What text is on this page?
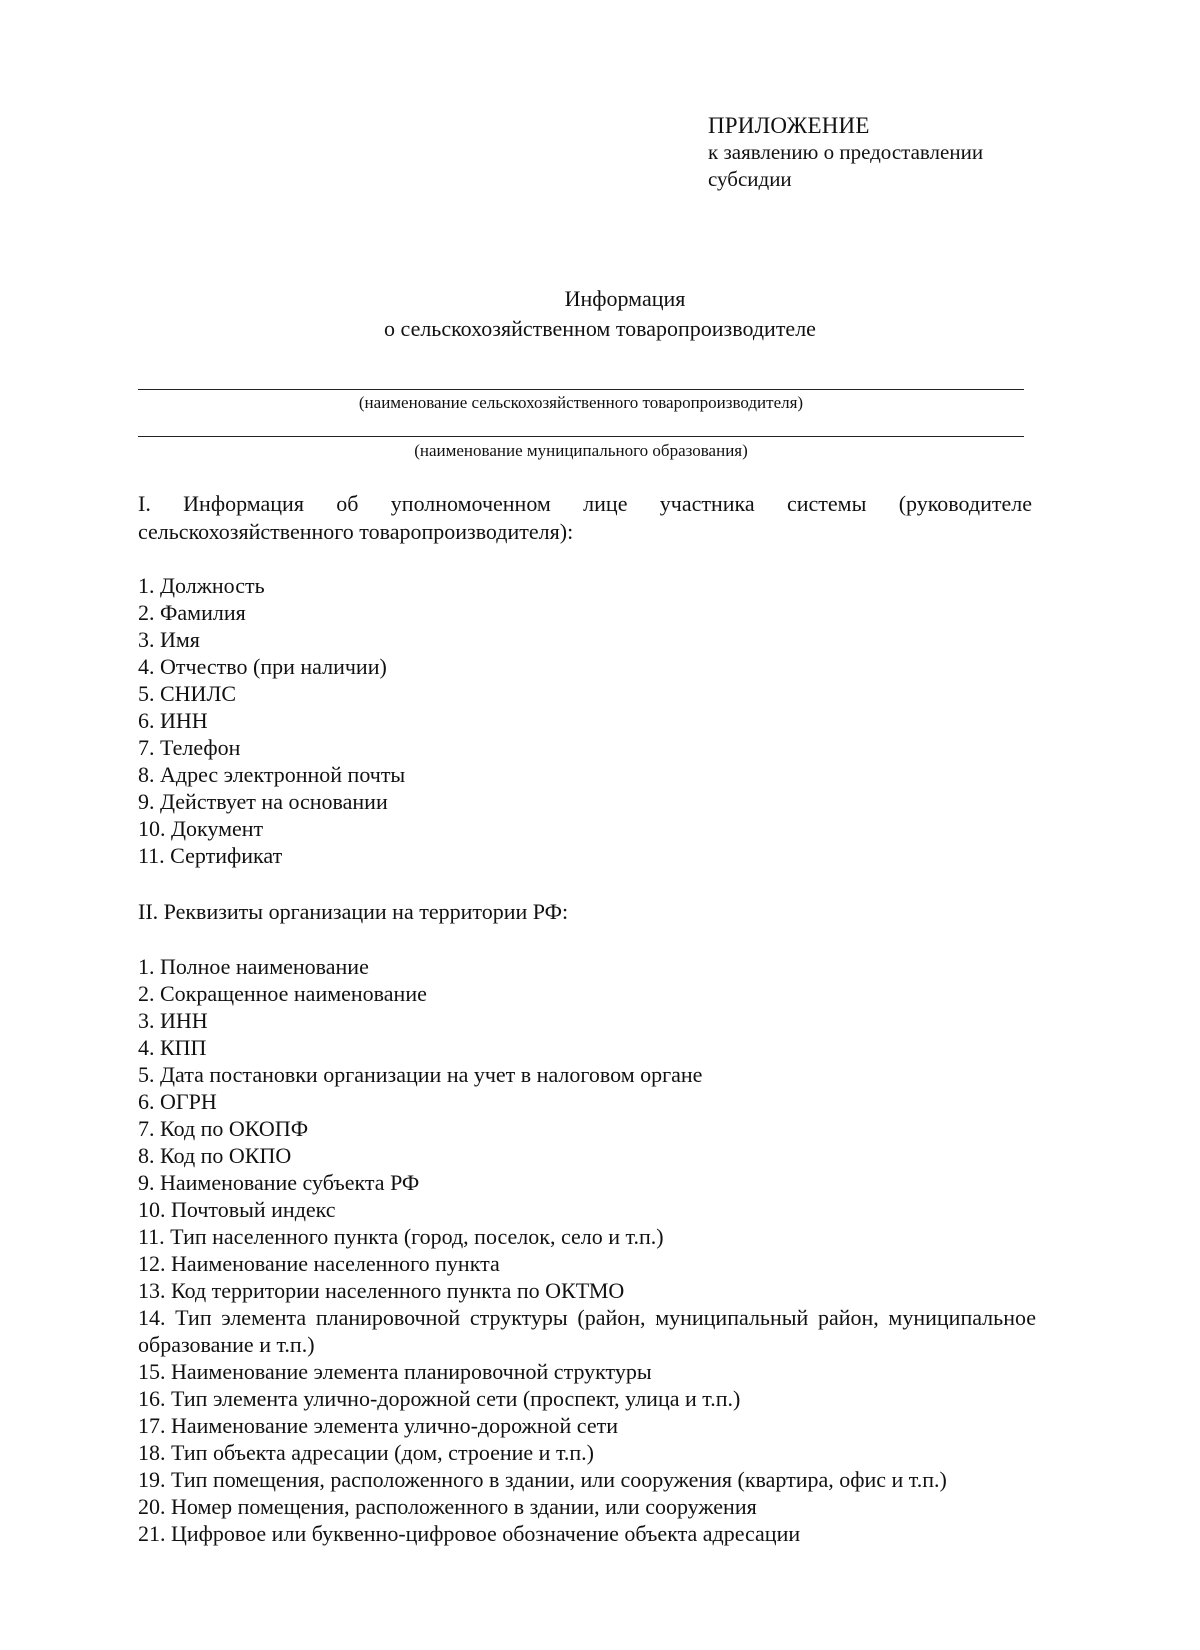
ПРИЛОЖЕНИЕ
к заявлению о предоставлении
субсидии
Информация
о сельскохозяйственном товаропроизводителе
(наименование сельскохозяйственного товаропроизводителя)
(наименование муниципального образования)
I. Информация об уполномоченном лице участника системы (руководителе сельскохозяйственного товаропроизводителя):
1. Должность
2. Фамилия
3. Имя
4. Отчество (при наличии)
5. СНИЛС
6. ИНН
7. Телефон
8. Адрес электронной почты
9. Действует на основании
10. Документ
11. Сертификат
II. Реквизиты организации на территории РФ:
1. Полное наименование
2. Сокращенное наименование
3. ИНН
4. КПП
5. Дата постановки организации на учет в налоговом органе
6. ОГРН
7. Код по ОКОПФ
8. Код по ОКПО
9. Наименование субъекта РФ
10. Почтовый индекс
11. Тип населенного пункта (город, поселок, село и т.п.)
12. Наименование населенного пункта
13. Код территории населенного пункта по ОКТМО
14. Тип элемента планировочной структуры (район, муниципальный район, муниципальное образование и т.п.)
15. Наименование элемента планировочной структуры
16. Тип элемента улично-дорожной сети (проспект, улица и т.п.)
17. Наименование элемента улично-дорожной сети
18. Тип объекта адресации (дом, строение и т.п.)
19. Тип помещения, расположенного в здании, или сооружения (квартира, офис и т.п.)
20. Номер помещения, расположенного в здании, или сооружения
21. Цифровое или буквенно-цифровое обозначение объекта адресации
